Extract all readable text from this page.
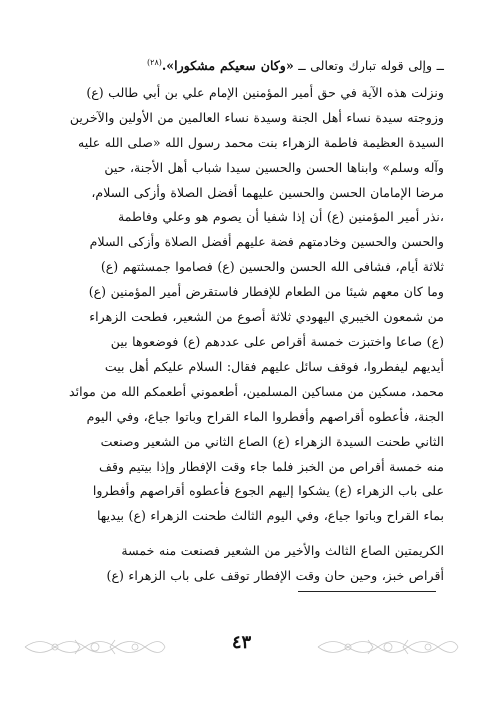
ــ وإلى قوله تبارك وتعالى ــ «وكان سعيكم مشكورا».$^{(٢٨)}$

ونزلت هذه الآية في حق أمير المؤمنين الإمام علي بن أبي طالب (ع)
وزوجته سيدة نساء أهل الجنة وسيدة نساء العالمين من الأولين والآخرين
السيدة العظيمة فاطمة الزهراء بنت محمد رسول الله «صلى الله عليه
وآله وسلم» وابناها الحسن والحسين سيدا شباب أهل الأجنة، حين
مرضا الإمامان الحسن والحسين عليهما أفضل الصلاة وأزكى السلام،
،نذر أمير المؤمنين (ع) أن إذا شفيا أن يصوم هو وعلي وفاطمة
والحسن والحسين وخادمتهم فضة عليهم أفضل الصلاة وأزكى السلام
ثلاثة أيام، فشافى الله الحسن والحسين (ع) فصاموا جمسثتهم (ع)
وما كان معهم شيئا من الطعام للإفطار فاستقرض أمير المؤمنين (ع)
من شمعون الخيبري اليهودي ثلاثة أصوع من الشعير، فطحت الزهراء
(ع) صاعا واختبزت خمسة أقراص على عددهم (ع) فوضعوها بين
أيديهم ليفطروا، فوقف سائل عليهم فقال: السلام عليكم أهل بيت
محمد، مسكين من مساكين المسلمين، أطعموني أطعمكم الله من موائد
الجنة، فأعطوه أقراصهم وأفطروا الماء القراح وباتوا جياع، وفي اليوم
الثاني طحنت السيدة الزهراء (ع) الصاع الثاني من الشعير وصنعت
منه خمسة أقراص من الخبز فلما جاء وقت الإفطار وإذا بيتيم وقف
على باب الزهراء (ع) يشكوا إليهم الجوع فأعطوه أقراصهم وأفطروا
بماء القراح وباتوا جياع، وفي اليوم الثالث طحنت الزهراء (ع) بيديها
الكريمتين الصاع الثالث والأخير من الشعير فصنعت منه خمسة
أقراص خبز، وحين حان وقت الإفطار توقف على باب الزهراء (ع)
٤٣
